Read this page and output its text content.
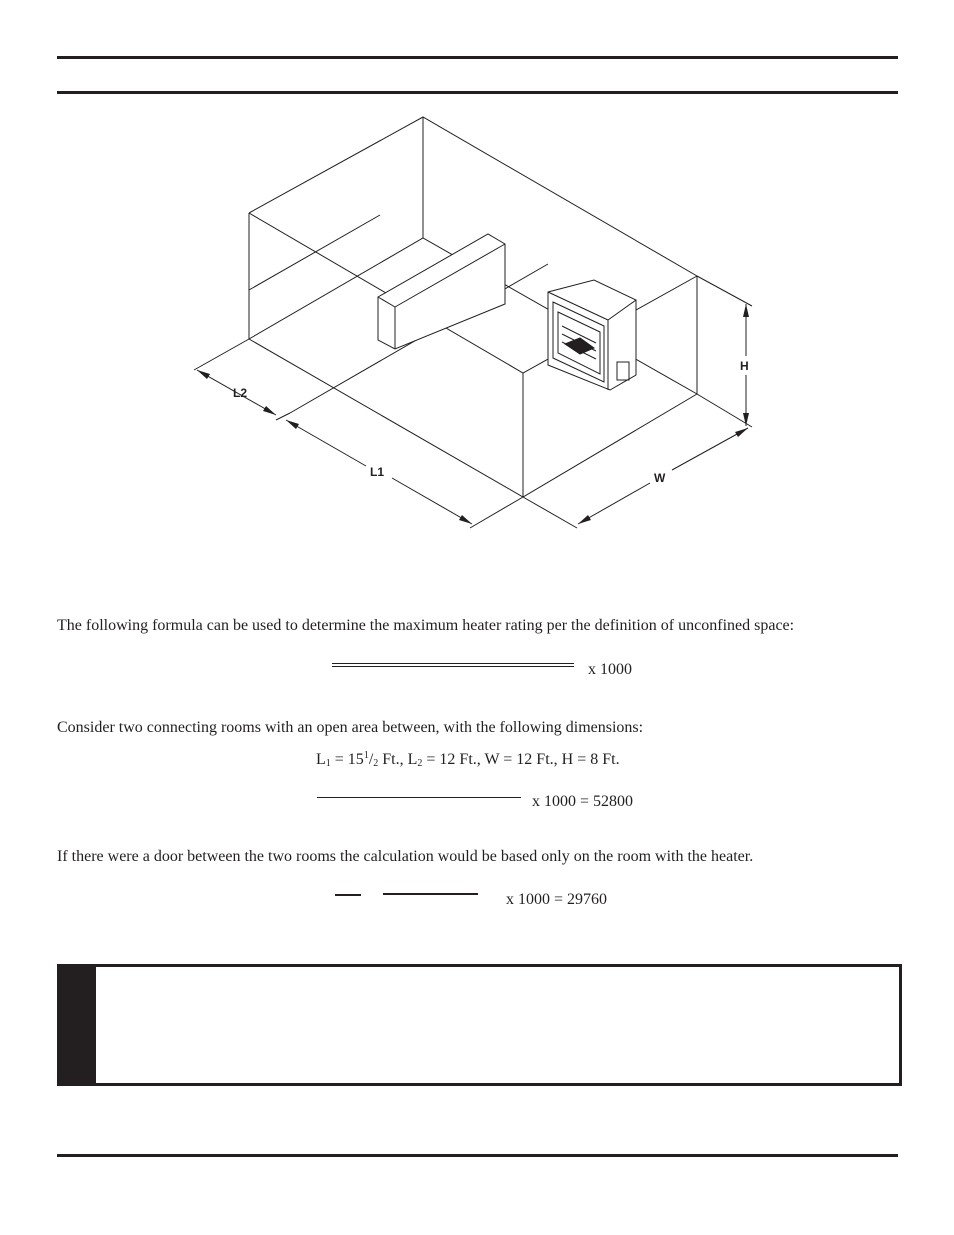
L2
L1	W
H
The following formula can be used to determine the maximum heater rating per the definition of unconfined space:
x 1000
Consider two connecting rooms with an open area between, with the following dimensions:
$L_1 = 15^1/_2$ Ft., $L_2 = 12$ Ft., W = 12 Ft., H = 8 Ft.
x 1000 = 52800
If there were a door between the two rooms the calculation would be based only on the room with the heater.
x 1000 = 29760
